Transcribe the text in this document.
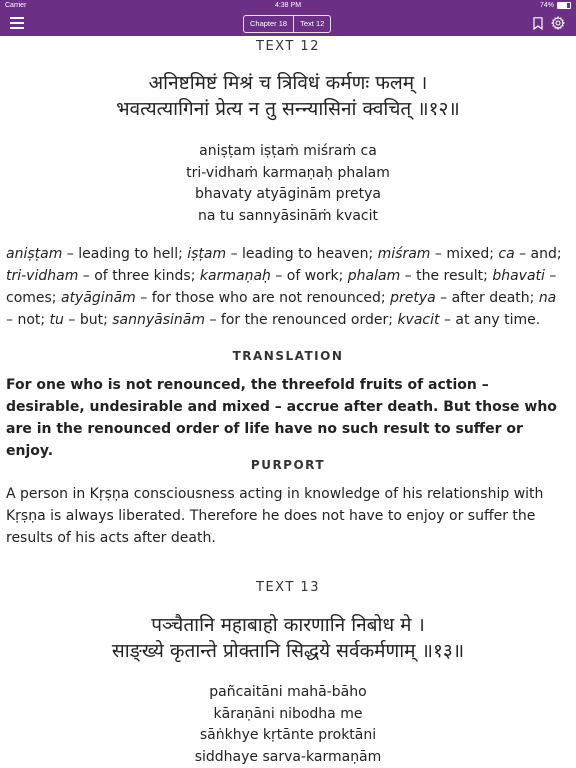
Carrier	4:38 PM	74%
Chapter 18	Text 12
TEXT 12
अनिष्टमिष्टं मिश्रं च त्रिविधं कर्मणः फलम् ।
भवत्यत्यागिनां प्रेत्य न तु सन्न्यासिनां क्वचित् ॥१२॥
aniṣṭam iṣṭaṁ miśraṁ ca
tri-vidhaṁ karmaṇaḥ phalam
bhavaty atyāginām pretya
na tu sannyāsināṁ kvacit
aniṣṭam – leading to hell; iṣṭam – leading to heaven; miśram – mixed; ca – and; tri-vidham – of three kinds; karmaṇaḥ – of work; phalam – the result; bhavati – comes; atyāginām – for those who are not renounced; pretya – after death; na – not; tu – but; sannyāsinām – for the renounced order; kvacit – at any time.
TRANSLATION
For one who is not renounced, the threefold fruits of action – desirable, undesirable and mixed – accrue after death. But those who are in the renounced order of life have no such result to suffer or enjoy.
PURPORT
A person in Kṛṣṇa consciousness acting in knowledge of his relationship with Kṛṣṇa is always liberated. Therefore he does not have to enjoy or suffer the results of his acts after death.
TEXT 13
पञ्चैतानि महाबाहो कारणानि निबोध मे ।
साङ्ख्ये कृतान्ते प्रोक्तानि सिद्धये सर्वकर्मणाम् ॥१३॥
pañcaitāni mahā-bāho
kāraṇāni nibodha me
sāṅkhye kṛtānte proktāni
siddhaye sarva-karmaṇām
